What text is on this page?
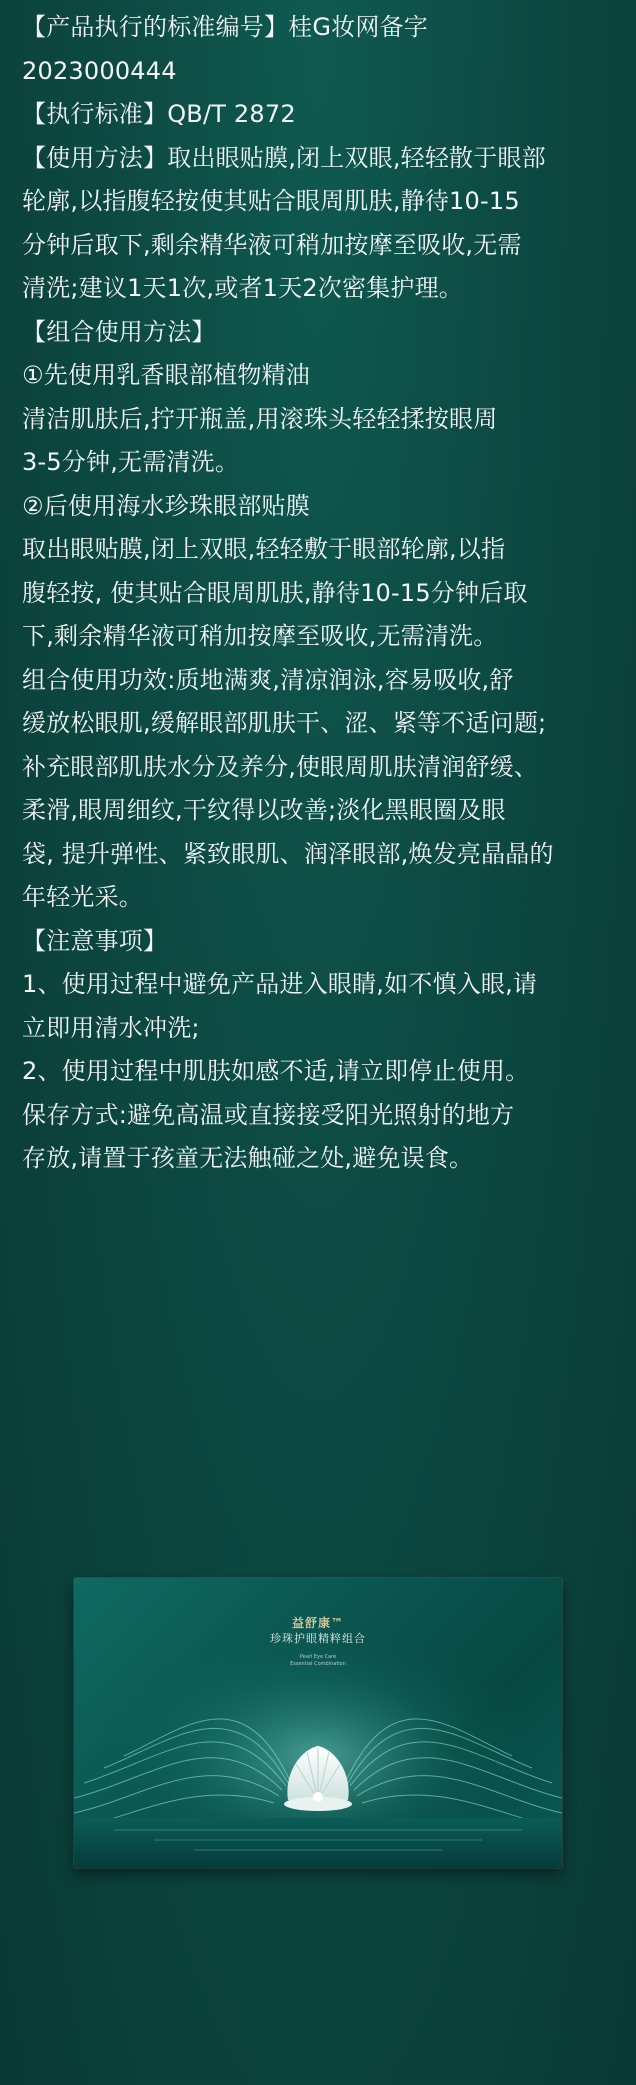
【产品执行的标准编号】桂G妆网备字
2023000444
【执行标准】QB/T 2872
【使用方法】取出眼贴膜,闭上双眼,轻轻散于眼部
轮廓,以指腹轻按使其贴合眼周肌肤,静待10-15
分钟后取下,剩余精华液可稍加按摩至吸收,无需
清洗;建议1天1次,或者1天2次密集护理。
【组合使用方法】
①先使用乳香眼部植物精油
清洁肌肤后,拧开瓶盖,用滚珠头轻轻揉按眼周
3-5分钟,无需清洗。
②后使用海水珍珠眼部贴膜
取出眼贴膜,闭上双眼,轻轻敷于眼部轮廓,以指
腹轻按, 使其贴合眼周肌肤,静待10-15分钟后取
下,剩余精华液可稍加按摩至吸收,无需清洗。
组合使用功效:质地满爽,清凉润泳,容易吸收,舒
缓放松眼肌,缓解眼部肌肤干、涩、紧等不适问题;
补充眼部肌肤水分及养分,使眼周肌肤清润舒缓、
柔滑,眼周细纹,干纹得以改善;淡化黑眼圈及眼
袋, 提升弹性、紧致眼肌、润泽眼部,焕发亮晶晶的
年轻光采。
【注意事项】
1、使用过程中避免产品进入眼睛,如不慎入眼,请
立即用清水冲洗;
2、使用过程中肌肤如感不适,请立即停止使用。
保存方式:避免高温或直接接受阳光照射的地方
存放,请置于孩童无法触碰之处,避免误食。
益舒康™
珍珠护眼精粹组合
Pearl Eye Care
Essential Combination
